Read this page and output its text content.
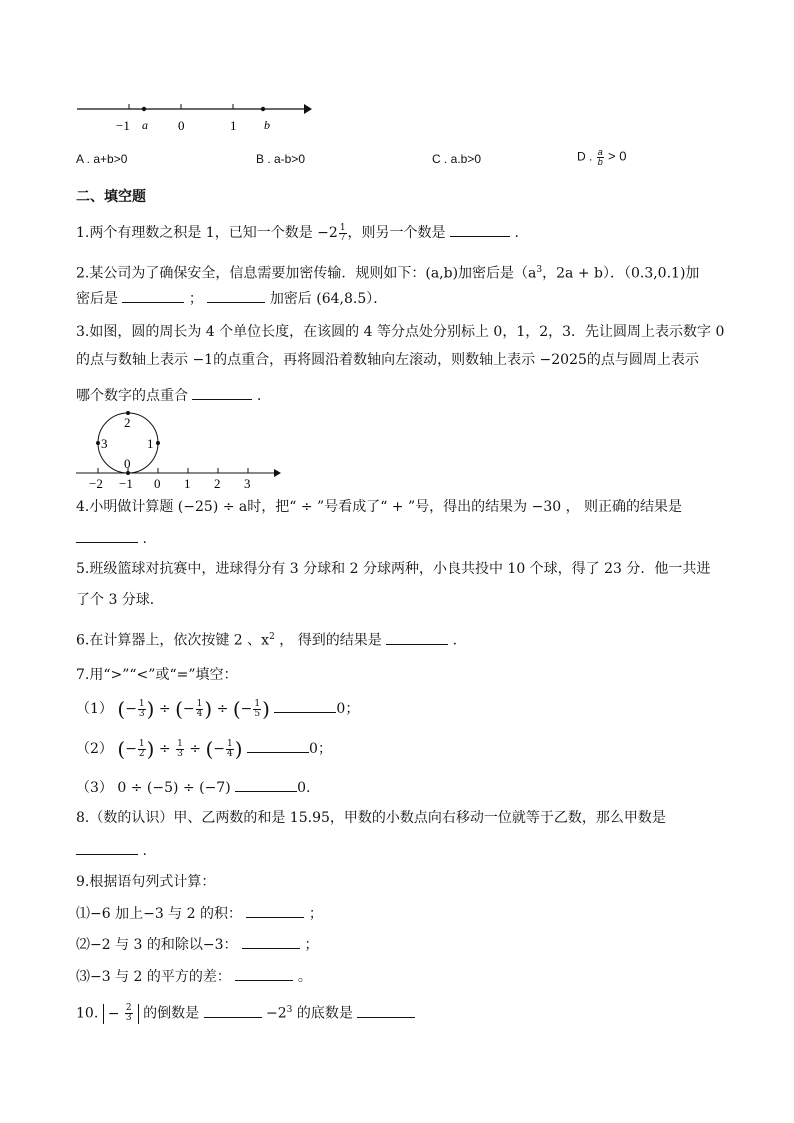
−1 a 0	1 b
A . a+b>0	B . a-b>0	C . a.b>0	D . $\frac{a}{b} > 0$
二、填空题
1.两个有理数之积是 1，已知一个数是 $-2 \frac{1}{7}$ ，则另一个数是	.
2.某公司为了确保安全，信息需要加密传输．规则如下：(a,b)加密后是（$a^3$，2a + b）．（0.3,0.1)加
密后是	；	加密后 (64,8.5）．
3.如图，圆的周长为 4 个单位长度，在该圆的 4 等分点处分别标上 0，1，2，3．先让圆周上表示数字 0
的点与数轴上表示 −1的点重合，再将圆沿着数轴向左滚动，则数轴上表示 −2025的点与圆周上表示
哪个数字的点重合	.
2
3	1
0
−2 −1 0 1 2 3
4.小明做计算题 (−25) ÷ a时，把“ ÷ ”号看成了“ + ”号，得出的结果为 −30 ， 则正确的结果是
.
5.班级篮球对抗赛中，进球得分有 3 分球和 2 分球两种，小良共投中 10 个球，得了 23 分．他一共进
了个 3 分球．
6.在计算器上，依次按键 2 、$x^2$ ， 得到的结果是	.
7.用“>”“<”或“=”填空：
（1） (− $\frac{1}{3}$ ) ÷ (− $\frac{1}{4}$ ) ÷ (− $\frac{1}{5}$ )	0；
（2） (− $\frac{1}{2}$ ) ÷ $\frac{1}{3}$ ÷ (− $\frac{1}{4}$ )	0；
（3） 0 ÷ (−5) ÷ (−7)	0.
8.（数的认识）甲、乙两数的和是 15.95，甲数的小数点向右移动一位就等于乙数，那么甲数是
.
9.根据语句列式计算：
⑴−6 加上−3 与 2 的积：	；
⑵−2 与 3 的和除以−3：	；
⑶−3 与 2 的平方的差：	。
10. − $\frac{2}{3}$ 的倒数是	$-2^3$ 的底数是
